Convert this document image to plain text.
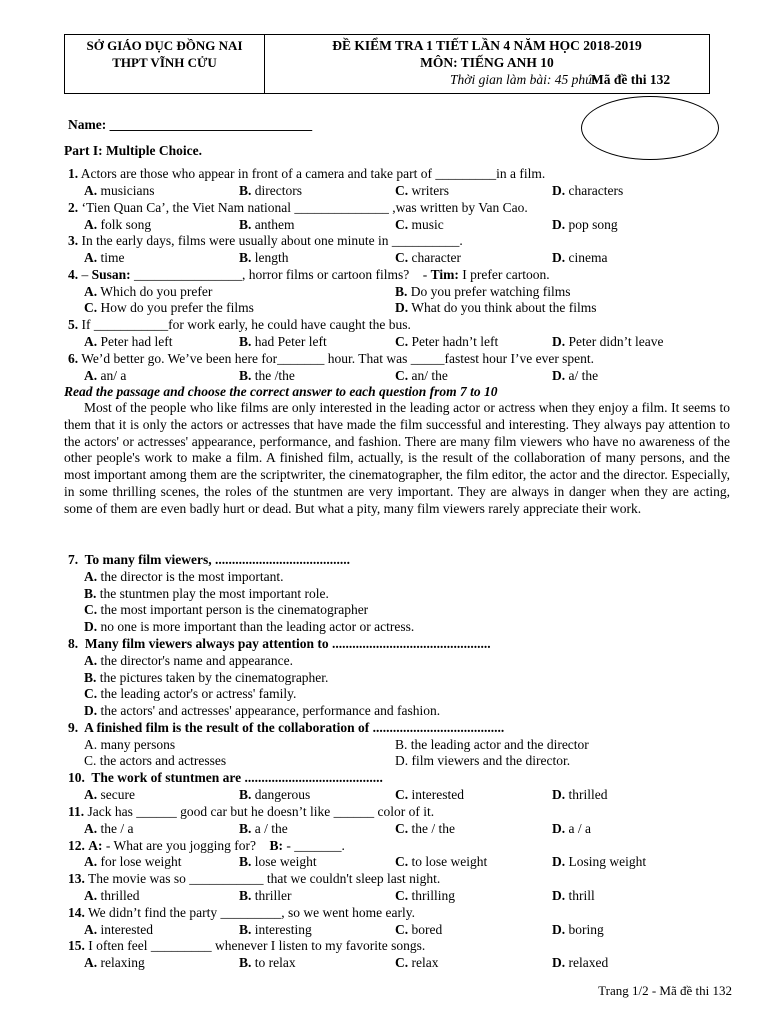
SỞ GIÁO DỤC ĐỒNG NAI
THPT VĨNH CỬU
ĐỀ KIỂM TRA 1 TIẾT LẦN 4 NĂM HỌC 2018-2019
MÔN: TIẾNG ANH 10
Thời gian làm bài: 45 phút
Mã đề thi 132
Name: ______________________________
Part I: Multiple Choice.
1. Actors are those who appear in front of a camera and take part of _________in a film.
A. musicians	B. directors	C. writers	D. characters
2. ‘Tien Quan Ca’, the Viet Nam national ______________ ,was written by Van Cao.
A. folk song	B. anthem	C. music	D. pop song
3. In the early days, films were usually about one minute in __________.
A. time	B. length	C. character	D. cinema
4. – Susan: ________________, horror films or cartoon films? - Tim: I prefer cartoon.
A. Which do you prefer	B. Do you prefer watching films
C. How do you prefer the films	D. What do you think about the films
5. If ___________for work early, he could have caught the bus.
A. Peter had left	B. had Peter left	C. Peter hadn’t left	D. Peter didn’t leave
6. We’d better go. We’ve been here for_______ hour. That was _____fastest hour I’ve ever spent.
A. an/ a	B. the /the	C. an/ the	D. a/ the
Read the passage and choose the correct answer to each question from 7 to 10

Most of the people who like films are only interested in the leading actor or actress when they enjoy a film. It seems to them that it is only the actors or actresses that have made the film successful and interesting. They always pay attention to the actors' or actresses' appearance, performance, and fashion. There are many film viewers who have no awareness of the other people's work to make a film. A finished film, actually, is the result of the collaboration of many persons, and the most important among them are the scriptwriter, the cinematographer, the film editor, the actor and the director. Especially, in some thrilling scenes, the roles of the stuntmen are very important. They are always in danger when they are acting, some of them are even badly hurt or dead. But what a pity, many film viewers rarely appreciate their work.

7. To many film viewers, ........................................
A. the director is the most important.
B. the stuntmen play the most important role.
C. the most important person is the cinematographer
D. no one is more important than the leading actor or actress.
8. Many film viewers always pay attention to ...............................................
A. the director's name and appearance.
B. the pictures taken by the cinematographer.
C. the leading actor's or actress' family.
D. the actors' and actresses' appearance, performance and fashion.
9. A finished film is the result of the collaboration of .......................................
A. many persons	B. the leading actor and the director
C. the actors and actresses	D. film viewers and the director.
10. The work of stuntmen are .........................................
A. secure	B. dangerous	C. interested	D. thrilled
11. Jack has ______ good car but he doesn’t like ______ color of it.
A. the / a	B. a / the	C. the / the	D. a / a
12. A: - What are you jogging for? B: - _______.
A. for lose weight	B. lose weight	C. to lose weight	D. Losing weight
13. The movie was so ___________ that we couldn't sleep last night.
A. thrilled	B. thriller	C. thrilling	D. thrill
14. We didn’t find the party _________, so we went home early.
A. interested	B. interesting	C. bored	D. boring
15. I often feel _________ whenever I listen to my favorite songs.
A. relaxing	B. to relax	C. relax	D. relaxed
Trang 1/2 - Mã đề thi 132
